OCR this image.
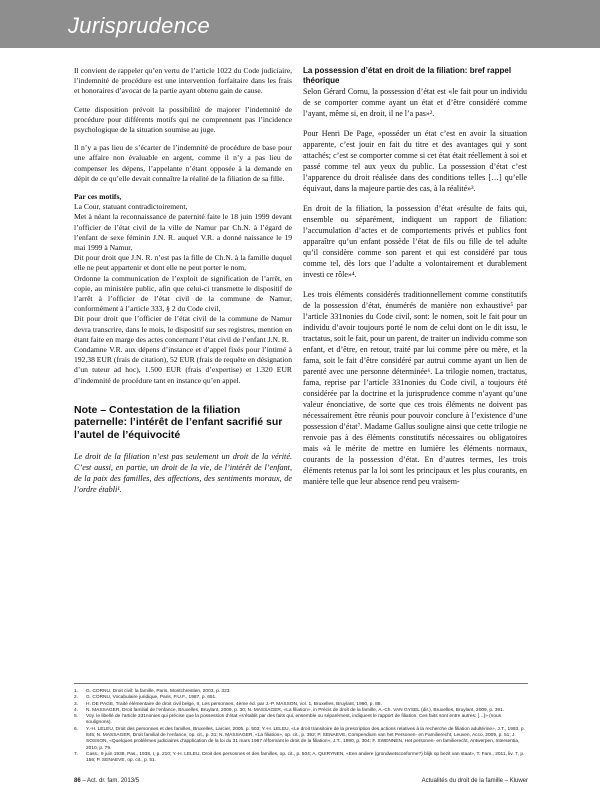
Jurisprudence

Il convient de rappeler qu’en vertu de l’article 1022 du Code judiciaire, l’indemnité de procédure est une intervention forfaitaire dans les frais et honoraires d’avocat de la partie ayant obtenu gain de cause.

Cette disposition prévoit la possibilité de majorer l’indemnité de procédure pour différents motifs qui ne comprennent pas l’incidence psychologique de la situation soumise au juge.

Il n’y a pas lieu de s’écarter de l’indemnité de procédure de base pour une affaire non évaluable en argent, comme il n’y a pas lieu de compenser les dépens, l’appelante n’étant opposée à la demande en dépit de ce qu’elle devait connaître la réalité de la filiation de sa fille.

Par ces motifs,

La Cour, statuant contradictoirement,

Met à néant la reconnaissance de paternité faite le 18 juin 1999 devant l’officier de l’état civil de la ville de Namur par Ch.N. à l’égard de l’enfant de sexe féminin J.N. R. auquel V.R. a donné naissance le 19 mai 1999 à Namur,

Dit pour droit que J.N. R. n’est pas la fille de Ch.N. à la famille duquel elle ne peut appartenir et dont elle ne peut porter le nom,

Ordonne la communication de l’exploit de signification de l’arrêt, en copie, au ministère public, afin que celui-ci transmette le dispositif de l’arrêt à l’officier de l’état civil de la commune de Namur, conformément à l’article 333, § 2 du Code civil,

Dit pour droit que l’officier de l’état civil de la commune de Namur devra transcrire, dans le mois, le dispositif sur ses registres, mention en étant faite en marge des actes concernant l’état civil de l’enfant J.N. R.

Condamne V.R. aux dépens d’instance et d’appel fixés pour l’intimé à 192,38 EUR (frais de citation), 52 EUR (frais de requête en désignation d’un tuteur ad hoc), 1.500 EUR (frais d’expertise) et 1.320 EUR d’indemnité de procédure tant en instance qu’en appel.

Note – Contestation de la filiation paternelle: l’intérêt de l’enfant sacrifié sur l’autel de l’équivocité

Le droit de la filiation n’est pas seulement un droit de la vérité. C’est aussi, en partie, un droit de la vie, de l’intérêt de l’enfant, de la paix des familles, des affections, des sentiments moraux, de l’ordre établi¹.

La possession d’état en droit de la filiation: bref rappel théorique

Selon Gérard Cornu, la possession d’état est «le fait pour un individu de se comporter comme ayant un état et d’être considéré comme l’ayant, même si, en droit, il ne l’a pas»².

Pour Henri De Page, «posséder un état c’est en avoir la situation apparente, c’est jouir en fait du titre et des avantages qui y sont attachés; c’est se comporter comme si cet état était réellement à soi et passé comme tel aux yeux du public. La possession d’état c’est l’apparence du droit réalisée dans des conditions telles […] qu’elle équivaut, dans la majeure partie des cas, à la réalité»³.

En droit de la filiation, la possession d’état «résulte de faits qui, ensemble ou séparément, indiquent un rapport de filiation: l’accumulation d’actes et de comportements privés et publics font apparaître qu’un enfant possède l’état de fils ou fille de tel adulte qu’il considère comme son parent et qui est considéré par tous comme tel, dès lors que l’adulte a volontairement et durablement investi ce rôle»⁴.

Les trois éléments considérés traditionnellement comme constitutifs de la possession d’état, énumérés de manière non exhaustive⁵ par l’article 331nonies du Code civil, sont: le nomen, soit le fait pour un individu d’avoir toujours porté le nom de celui dont on le dit issu, le tractatus, soit le fait, pour un parent, de traiter un individu comme son enfant, et d’être, en retour, traité par lui comme père ou mère, et la fama, soit le fait d’être considéré par autrui comme ayant un lien de parenté avec une personne déterminée⁶. La trilogie nomen, tractatus, fama, reprise par l’article 331nonies du Code civil, a toujours été considérée par la doctrine et la jurisprudence comme n’ayant qu’une valeur énonciative, de sorte que ces trois éléments ne doivent pas nécessairement être réunis pour pouvoir conclure à l’existence d’une possession d’état⁷. Madame Gallus souligne ainsi que cette trilogie ne renvoie pas à des éléments constitutifs nécessaires ou obligatoires mais «à le mérite de mettre en lumière les éléments normaux, courants de la possession d’état. En d’autres termes, les trois éléments retenus par la loi sont les principaux et les plus courants, en manière telle que leur absence rend peu vraisem-

1.	G. CORNU, Droit civil: la famille, Paris, Montchrestien, 2003, p. 323.
2.	G. CORNU, Vocabulaire juridique, Paris, P.U.F., 1987, p. 651.
3.	H. DE PAGE, Traité élémentaire de droit civil belge, II, Les personnes, 4ème éd. par J.-P. MASSON, vol. 1, Bruxelles, Bruylant, 1990, p. 88.
4.	N. MASSAGER, Droit familial de l’enfance, Bruxelles, Bruylant, 2009, p. 30; N. MASSAGER, «La filiation», in Précis de droit de la famille, A.-Ch. VAN GYSEL (dir.), Bruxelles, Bruylant, 2009, p. 391.
5.	Voy. le libellé de l’article 331nonies qui précise que la possession d’état «s’établit par des faits qui, ensemble ou séparément, indiquent le rapport de filiation. Ces faits sont entre autres: […]» (nous soulignons).
6.	Y.-H. LELEU, Droit des personnes et des familles, Bruxelles, Larcier, 2005, p. 503; Y.-H. LELEU, «Le droit transitoire de la prescription des actions relatives à la recherche de filiation adultérine», J.T., 1993, p. 845; N. MASSAGER, Droit familial de l’enfance, op. cit., p. 31; N. MASSAGER, «La filiation», op. cit., p. 392; P. SENAEVE, Compendium van het Personen- en Familierecht, Leuven, Acco, 2009, p. 51; J. SOSSON, «Quelques problèmes judiciaires d’application de la loi du 31 mars 1987 réformant le droit de la filiation», J.T., 1990, p. 304; F. SWENNEN, Het personen- en familierecht, Antwerpen, Intersentia, 2010, p. 79.
7.	Cass., 9 juin 1938, Pas., 1938, I, p. 210; Y.-H. LELEU, Droit des personnes et des familles, op. cit., p. 504; A. QUIRYNEN, «Een andere (grondwetsconforme?) blijk op bezit van staat», T. Fam., 2011, liv. 7, p. 156; P. SENAEVE, op. cit., p. 51.
86 – Act. dr. fam. 2013/5	Actualités du droit de la famille – Kluwer
